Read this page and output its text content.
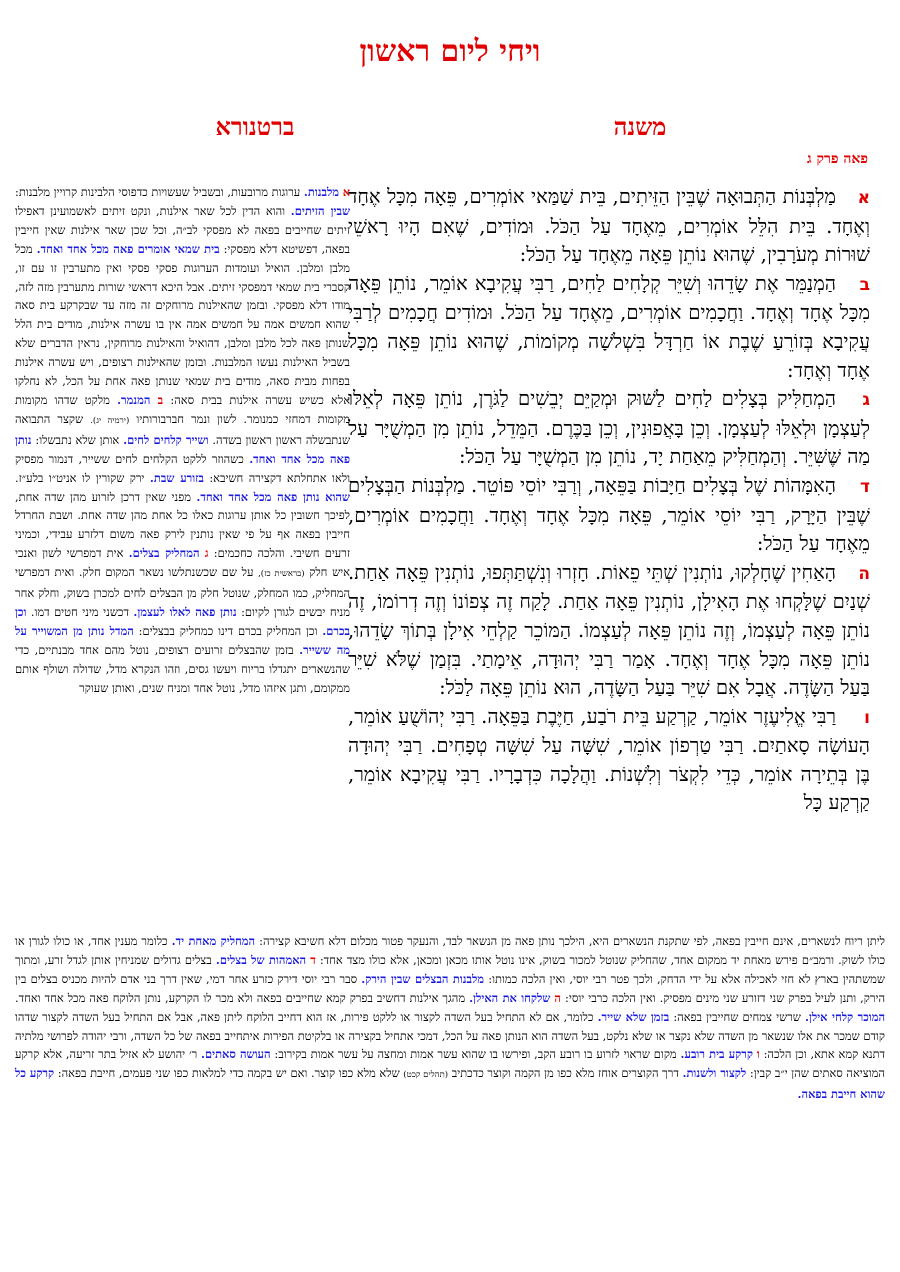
ויחי ליום ראשון
משנה
ברטנורא
פאה פרק ג
אמַלְבְּנוֹת הַתְּבוּאָה שֶׁבֵּין הַזֵּיתִים, בֵּית שַׁמַּאי אוֹמְרִים, פֵּאָה מִכָּל אֶחָד וְאֶחָד. בֵּית הִלֵּל אוֹמְרִים, מֵאֶחָד עַל הַכֹּל. וּמוֹדִים, שֶׁאִם הָיוּ רָאשֵׁי שׁוּרוֹת מְעֹרָבִין, שֶׁהוּא נוֹתֵן פֵּאָה מֵאֶחָד עַל הַכֹּל:
בהַמְנַמֵּר אֶת שָׂדֵהוּ וְשִׁיֵּר קְלָחִים לַחִים, רַבִּי עֲקִיבָא אוֹמֵר, נוֹתֵן פֵּאָה מִכָּל אֶחָד וְאֶחָד. וַחֲכָמִים אוֹמְרִים, מֵאֶחָד עַל הַכֹּל. וּמוֹדִים חֲכָמִים לְרַבִּי עֲקִיבָא בְּזוֹרֵעַ שֶׁבֶת אוֹ חַרְדָּל בִּשְׁלֹשָׁה מְקוֹמוֹת, שֶׁהוּא נוֹתֵן פֵּאָה מִכָּל אֶחָד וְאֶחָד:
גהַמְחַלִּיק בְּצָלִים לַחִים לַשּׁוּק וּמְקַיֵּם יְבֵשִׁים לַגֹּרֶן, נוֹתֵן פֵּאָה לְאֵלּוּ לְעַצְמָן וּלְאֵלּוּ לְעַצְמָן. וְכֵן בָּאֲפוּנִין, וְכֵן בַּכֶּרֶם. הַמֵּדֵל, נוֹתֵן מִן הַמְשֻׁיָּר עַל מַה שֶּׁשִּׁיֵּר. וְהַמְחַלִּיק מֵאַחַת יָד, נוֹתֵן מִן הַמְשֻׁיָּר עַל הַכֹּל:
דהָאִמָּהוֹת שֶׁל בְּצָלִים חַיָּבוֹת בַּפֵּאָה, וְרַבִּי יוֹסֵי פּוֹטֵר. מַלְבְּנוֹת הַבְּצָלִים שֶׁבֵּין הַיָּרָק, רַבִּי יוֹסֵי אוֹמֵר, פֵּאָה מִכָּל אֶחָד וְאֶחָד. וַחֲכָמִים אוֹמְרִים, מֵאֶחָד עַל הַכֹּל:
ההָאַחִין שֶׁחָלְקוּ, נוֹתְנִין שְׁתֵּי פֵאוֹת. חָזְרוּ וְנִשְׁתַּתְּפוּ, נוֹתְנִין פֵּאָה אַחַת. שְׁנַיִם שֶׁלָּקְחוּ אֶת הָאִילָן, נוֹתְנִין פֵּאָה אַחַת. לָקַח זֶה צְפוֹנוֹ וְזֶה דְרוֹמוֹ, זֶה נוֹתֵן פֵּאָה לְעַצְמוֹ, וְזֶה נוֹתֵן פֵּאָה לְעַצְמוֹ. הַמּוֹכֵר קַלְחֵי אִילָן בְּתוֹךְ שָׂדֵהוּ, נוֹתֵן פֵּאָה מִכָּל אֶחָד וְאֶחָד. אָמַר רַבִּי יְהוּדָה, אֵימָתַי. בִּזְמַן שֶׁלֹּא שִׁיֵּר בַּעַל הַשָּׂדֶה. אֲבָל אִם שִׁיֵּר בַּעַל הַשָּׂדֶה, הוּא נוֹתֵן פֵּאָה לַכֹּל:
ורַבִּי אֱלִיעֶזֶר אוֹמֵר, קַרְקַע בֵּית רֹבַע, חַיֶּבֶת בַּפֵּאָה. רַבִּי יְהוֹשֻׁעַ אוֹמֵר, הָעוֹשָׂה סָאתַיִם. רַבִּי טַרְפוֹן אוֹמֵר, שִׁשָּׁה עַל שִׁשָּׁה טְפָחִים. רַבִּי יְהוּדָה בֶּן בְּתֵירָה אוֹמֵר, כְּדֵי לִקְצֹר וְלִשְׁנוֹת. וַהֲלָכָה כִּדְבָרָיו. רַבִּי עֲקִיבָא אוֹמֵר, קַרְקַע כָּל
א מלבנות. ערוגות מרובעות, ובשביל שעשויות כדפוסי הלבינות קרויין מלבנות: שבין הזיתים. והוא הדין לכל שאר אילנות, ונקט זיתים לאשמועינן דאפילו זיתים שחייבים בפאה לא מפסקי לב״ה, וכל שכן שאר אילנות שאין חייבין בפאה, דפשיטא דלא מפסקי: בית שמאי אומרים פאה מכל אחד ואחד. מכל מלבן ומלבן. הואיל ועומדות הערוגות פסקי פסקי ואין מתערבין זו עם זו, קסברי בית שמאי דמפסקי זיתים. אבל היכא דראשי שורות מתערבין מזה לזה, מודו דלא מפסקי. ובזמן שהאילנות מרוחקים זה מזה עד שבקרקע בית סאה שהוא חמשים אמה על חמשים אמה אין בו עשרה אילנות, מודים בית הלל שנותן פאה לכל מלבן ומלבן, דהואיל והאילנות מרוחקין, נראין הדברים שלא בשביל האילנות נעשו המלבנות. ובזמן שהאילנות רצופים, ויש עשרה אילנות בפחות מבית סאה, מודים בית שמאי שנותן פאה אחת על הכל, לא נחלקו אלא כשיש עשרה אילנות בבית סאה: ב המנמר. מלקט שדהו מקומות מקומות דמחזי כמנומר. לשון ונמר חברבורותיו (ירמיה יג). שקצר התבואה שנתבשלה ראשון ראשון בשדה. ושייר קלחים לחים. אותן שלא נתבשלו: נותן פאה מכל אחד ואחד. כשהוזר ללקט הקלחים לחים ששייר, דנמור מפסיק ולאו אתחלתא דקצירה חשיבא: בזורע שבת. ירק שקורין לו אניט״ו בלע״ז. שהוא נותן פאה מכל אחד ואחד. מפני שאין דרכן לזרוע מהן שדה אחת, לפיכך חשובין כל אותן ערוגות כאלו כל אחת מהן שדה אחת. ושבת החרדל חייבין בפאה אף על פי שאין נותנין לירק פאה משום דלזרע עבידי, וכמיני זרעים חשיבי. והלכה כחכמים: ג המחליק בצלים. אית דמפרשי לשון ואנכי איש חלק (בראשית כז), על שם שכשנתלשו נשאר המקום חלק. ואית דמפרשי המחליק, כמו המחלק, שנוטל חלק מן הבצלים לחים למכרן בשוק, וחלק אחר מניח יבשים לגורן לקיום: נותן פאה לאלו לעצמן. דכשני מיני חטים דמו. וכן בכרם. וכן המחליק בכרם דינו כמחליק בבצלים: המדל נותן מן המשוייר על מה ששייר. בזמן שהבצלים זרועים רצופים, נוטל מהם אחד מבנתיים, כדי שהנשארים יתגדלו בריוח ויעשו גסים, וזהו הנקרא מדל, שדולה ושולף אותם ממקומם, ותגן איזהו מדל, נוטל אחד ומניח שנים, ואותן שעוקר
ליתן ריוח לנשארים, אינם חייבין בפאה, לפי שתקנת הנשארים היא, הילכך נותן פאה מן הנשאר לבד, והנעקר פטור מכלום דלא חשיבא קצירה: המחליק מאחת יד. כלומר מענין אחד, או כולו לגורן או כולו לשוק. ורמב״ם פירש מאחת יד ממקום אחד, שהחליק שנוטל למכור בשוק, אינו נוטל אותו מכאן ומכאן, אלא כולו מצד אחד: ד האמהות של בצלים. בצלים גדולים שמניחין אותן לגדל זרע, ומתוך שמשתהין בארץ לא חזי לאכילה אלא על ידי הדחק, ולכך פטר רבי יוסי, ואין הלכה כמותו: מלבנות הבצלים שבין הירק. סבר רבי יוסי דירק כזרע אחר דמי, שאין דרך בני אדם להיות מכניס בצלים בין הירק, ותנן לעיל בפרק שני דזורע שני מינים מפסיק. ואין הלכה כרבי יוסי: ה שלקחו את האילן. מהגך אילנות דחשיב בפרק קמא שחייבים בפאה ולא מכר לו הקרקע, נותן הלוקח פאה מכל אחד ואחד. המוכר קלחי אילן. שרשי צמחים שחייבין בפאה: בזמן שלא שייר. כלומר, אם לא התחיל בעל השדה לקצור או ללקט פירות, אז הוא דחייב הלוקח ליתן פאה, אבל אם התחיל בעל השדה לקצור שדהו קודם שמכר את אלו שנשאר מן השדה שלא נקצר או שלא נלקט, בעל השדה הוא הנותן פאה על הכל, דמכי אתחיל בקצירה או בלקיטת הפירות איתחייב בפאה של כל השדה, ורבי יהודה לפרושי מלתיה דתנא קמא אתא, וכן הלכה: ו קרקע בית רובע. מקום שראוי לזרוע בו רובע הקב, ופירשו בו שהוא עשר אמות ומחצה על עשר אמות בקירוב: העושה סאתים. ר׳ יהושע לא אזיל בתר זריעה, אלא קרקע המוציאה סאתים שהן י״ב קבין: לקצור ולשנות. דרך הקוצרים אוחז מלא כפו מן הקמה וקוצר כדכתיב (תהלים קכט) שלא מלא כפו קוצר. ואם יש בקמה כדי למלאות כפו שני פעמים, חייבת בפאה: קרקע כל שהוא חייבת בפאה.
